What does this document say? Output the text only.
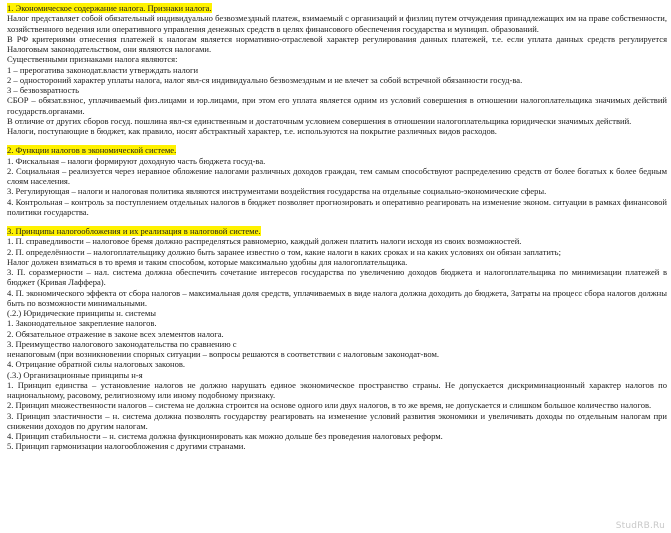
1. Экономическое содержание налога. Признаки налога.

Налог представляет собой обязательный индивидуально безвозмездный платеж, взимаемый с организаций и физлиц путем отчуждения принадлежащих им на праве собственности, хозяйственного ведения или оперативного управления денежных средств в целях финансового обеспечения государства и муницип. образований.

В РФ критериями отнесения платежей к налогам является нормативно-отраслевой характер регулирования данных платежей, т.е. если уплата данных средств регулируется Налоговым законодательством, они являются налогами.

Существенными признаками налога являются:

1 – прерогатива законодат.власти утверждать налоги

2 – одностороний характер уплаты налога, налог явл-ся индивидуально безвозмездным и не влечет за собой встречной обязанности госуд-ва.

3 – безвозвратность

СБОР – обязат.взнос, уплачиваемый физ.лицами и юр.лицами, при этом его уплата является одним из условий совершения в отношении налогоплательщика значимых действий государств.органами.

В отличие от других сборов госуд. пошлина явл-ся единственным и достаточным условием совершения в отношении налогоплательщика юридически значимых действий.

Налоги, поступающие в бюджет, как правило, носят абстрактный характер, т.е. используются на покрытие различных видов расходов.

2. Функции налогов в экономической системе.

1. Фискальная – налоги формируют доходную часть бюджета госуд-ва.

2. Социальная – реализуется через неравное обложение налогами различных доходов граждан, тем самым способствуют распределению средств от более богатых к более бедным слоям населения.

3. Регулирующая – налоги и налоговая политика являются инструментами воздействия государства на отдельные социально-экономические сферы.

4. Контрольная – контроль за поступлением отдельных налогов в бюджет позволяет прогнозировать и оперативно реагировать на изменение эконом. ситуации в рамках финансовой политики государства.

3. Принципы налогообложения и их реализация в налоговой системе.

1. П. справедливости – налоговое бремя должно распределяться равномерно, каждый должен платить налоги исходя из своих возможностей.

2. П. определённости – налогоплательщику должно быть заранее известно о том, какие налоги в каких сроках и на каких условиях он обязан заплатить;

Налог должен взиматься в то время и таким способом, которые максимально удобны для налогоплательщика.

3. П. соразмерности – нал. система должна обеспечить сочетание интересов государства по увеличению доходов бюджета и налогоплательщика по минимизации платежей в бюджет (Кривая Лаффера).

4. П. экономического эффекта от сбора налогов – максимальная доля средств, уплачиваемых в виде налога должна доходить до бюджета, Затраты на процесс сбора налогов должны быть по возможности минимальными.

(.2.) Юридические принципы н. системы

1. Законодательное закрепление налогов.

2. Обязательное отражение в законе всех элементов налога.

3. Преимущество налогового законодательства по сравнению с

ненапоговым (при возникновении спорных ситуации – вопросы решаются в соответствии с налоговым законодат-вом.

4. Отрицание обратной силы налоговых законов.

(.3.) Организационные принципы н-я

1. Принцип единства – установление налогов не должно нарушать единое экономическое пространство страны. Не допускается дискриминационный характер налогов по национальному, расовому, религиозному или иному подобному признаку.

2. Принцип множественности налогов – система не должна строится на основе одного или двух налогов, в то же время, не допускается и слишком большое количество налогов.

3. Принцип эластичности – н. система должна позволять государству реагировать на изменение условий развития экономики и увеличивать доходы по отдельным налогам при снижении доходов по другим налогам.

4. Принцип стабильности – н. система должна функционировать как можно дольше без проведения налоговых реформ.

5. Принцип гармонизации налогообложения с другими странами.

StudRB.Ru
